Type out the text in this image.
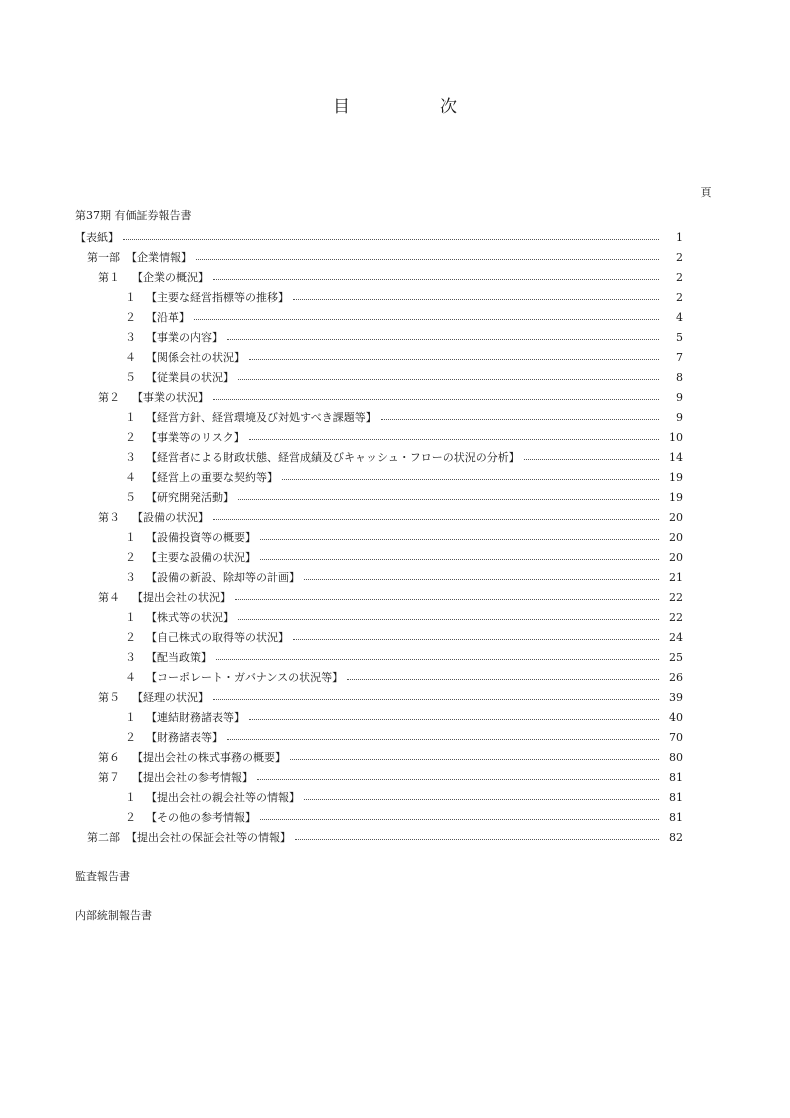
目	次
頁
第37期 有価証券報告書
【表紙】	1
第一部 【企業情報】	2
第１	【企業の概況】	2
１ 【主要な経営指標等の推移】	2
２ 【沿革】	4
３ 【事業の内容】	5
４ 【関係会社の状況】	7
５ 【従業員の状況】	8
第２	【事業の状況】	9
１ 【経営方針、経営環境及び対処すべき課題等】	9
２ 【事業等のリスク】	10
３ 【経営者による財政状態、経営成績及びキャッシュ・フローの状況の分析】	14
４ 【経営上の重要な契約等】	19
５ 【研究開発活動】	19
第３	【設備の状況】	20
１ 【設備投資等の概要】	20
２ 【主要な設備の状況】	20
３ 【設備の新設、除却等の計画】	21
第４	【提出会社の状況】	22
１ 【株式等の状況】	22
２ 【自己株式の取得等の状況】	24
３ 【配当政策】	25
４ 【コーポレート・ガバナンスの状況等】	26
第５	【経理の状況】	39
１ 【連結財務諸表等】	40
２ 【財務諸表等】	70
第６	【提出会社の株式事務の概要】	80
第７	【提出会社の参考情報】	81
１ 【提出会社の親会社等の情報】	81
２ 【その他の参考情報】	81
第二部 【提出会社の保証会社等の情報】	82
監査報告書
内部統制報告書
